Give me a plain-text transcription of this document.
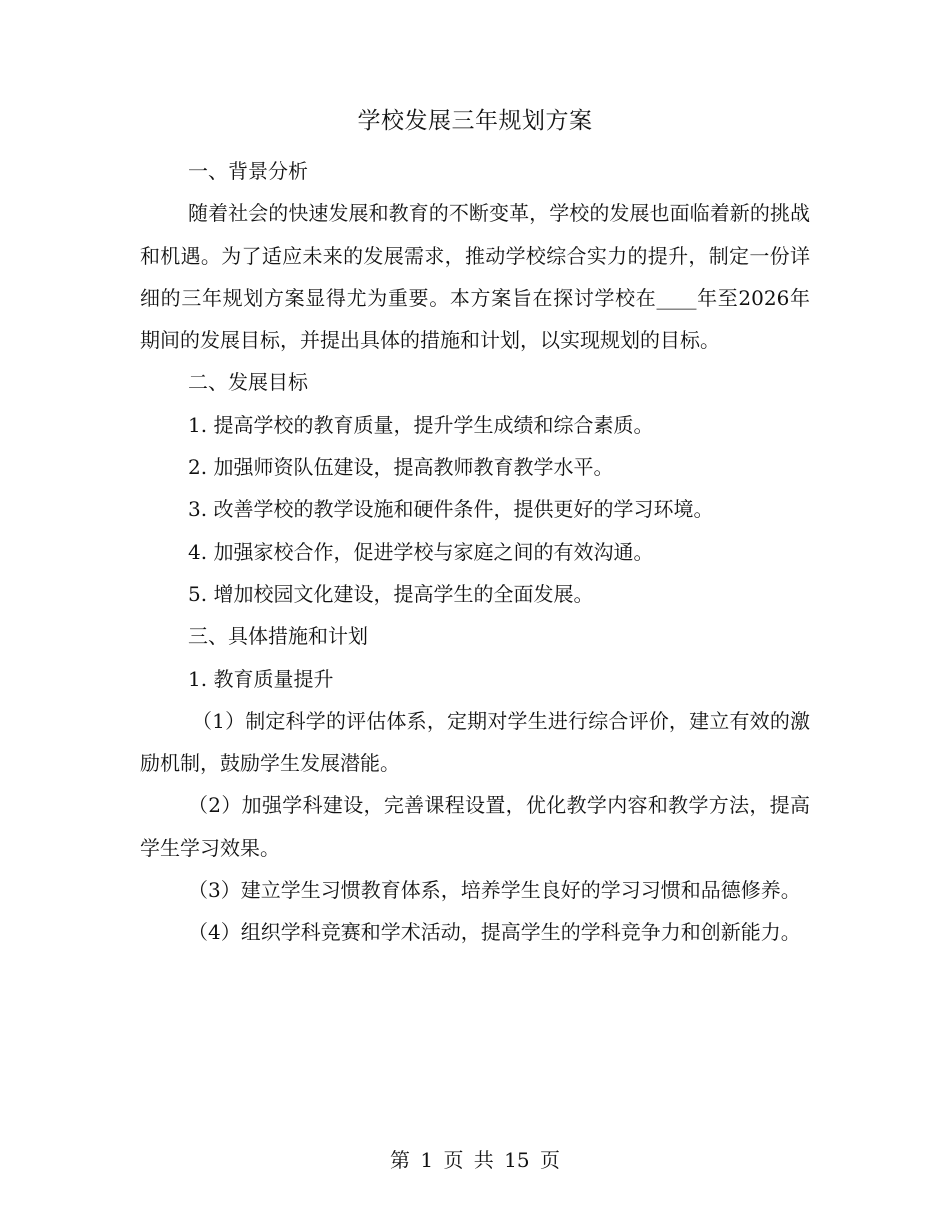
学校发展三年规划方案

一、背景分析

随着社会的快速发展和教育的不断变革，学校的发展也面临着新的挑战和机遇。为了适应未来的发展需求，推动学校综合实力的提升，制定一份详细的三年规划方案显得尤为重要。本方案旨在探讨学校在____年至2026年期间的发展目标，并提出具体的措施和计划，以实现规划的目标。

二、发展目标

1. 提高学校的教育质量，提升学生成绩和综合素质。

2. 加强师资队伍建设，提高教师教育教学水平。

3. 改善学校的教学设施和硬件条件，提供更好的学习环境。

4. 加强家校合作，促进学校与家庭之间的有效沟通。

5. 增加校园文化建设，提高学生的全面发展。

三、具体措施和计划

1. 教育质量提升

（1）制定科学的评估体系，定期对学生进行综合评价，建立有效的激励机制，鼓励学生发展潜能。

（2）加强学科建设，完善课程设置，优化教学内容和教学方法，提高学生学习效果。

（3）建立学生习惯教育体系，培养学生良好的学习习惯和品德修养。

（4）组织学科竞赛和学术活动，提高学生的学科竞争力和创新能力。

第 1 页 共 15 页
